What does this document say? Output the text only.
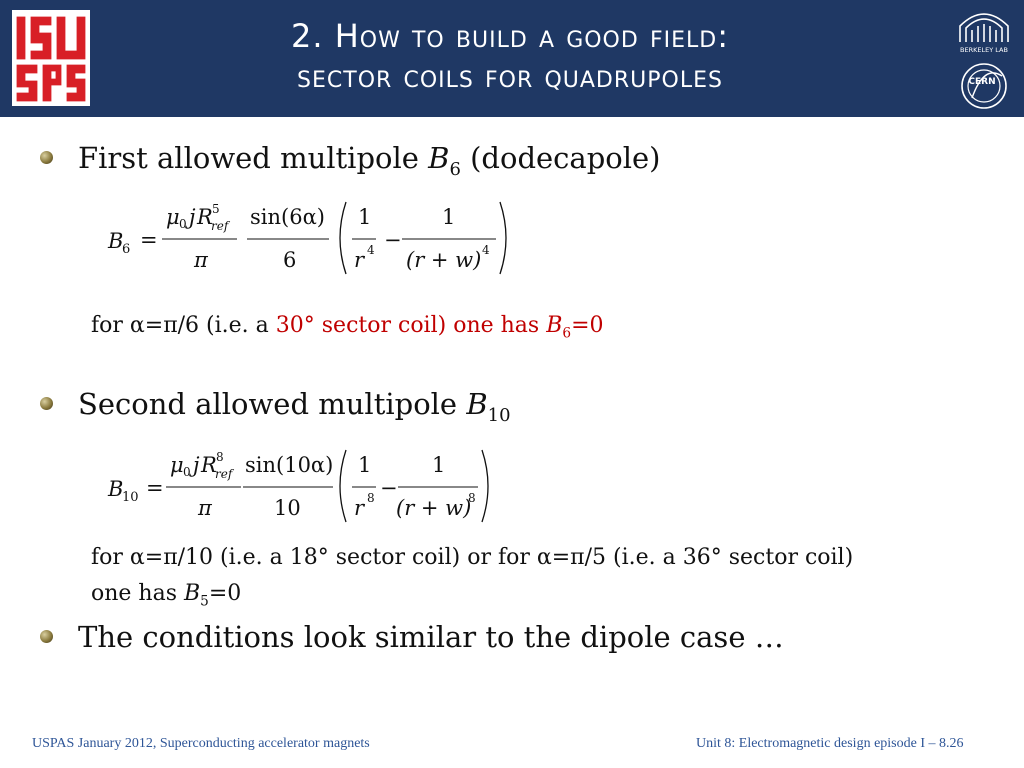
2. How to build a good field:
sector coils for quadrupoles
BERKELEY LAB
CERN
First allowed multipole $B_6$ (dodecapole)
B
6 =
μ 0 j R 5
ref
π
sin(6α)
6
1
r 4 −
1
(r + w) 4
for α=π/6 (i.e. a 30° sector coil) one has $B_6=0$
Second allowed multipole $B_{10}$
B
10 =
μ 0 j R 8
ref
π
sin(10α)
10
1
r 8 −
1
(r + w)
8
for α=π/10 (i.e. a 18° sector coil) or for α=π/5 (i.e. a 36° sector coil)
one has $B_5=0$
The conditions look similar to the dipole case …
USPAS January 2012, Superconducting accelerator magnets	Unit 8: Electromagnetic design episode I – 8.26
